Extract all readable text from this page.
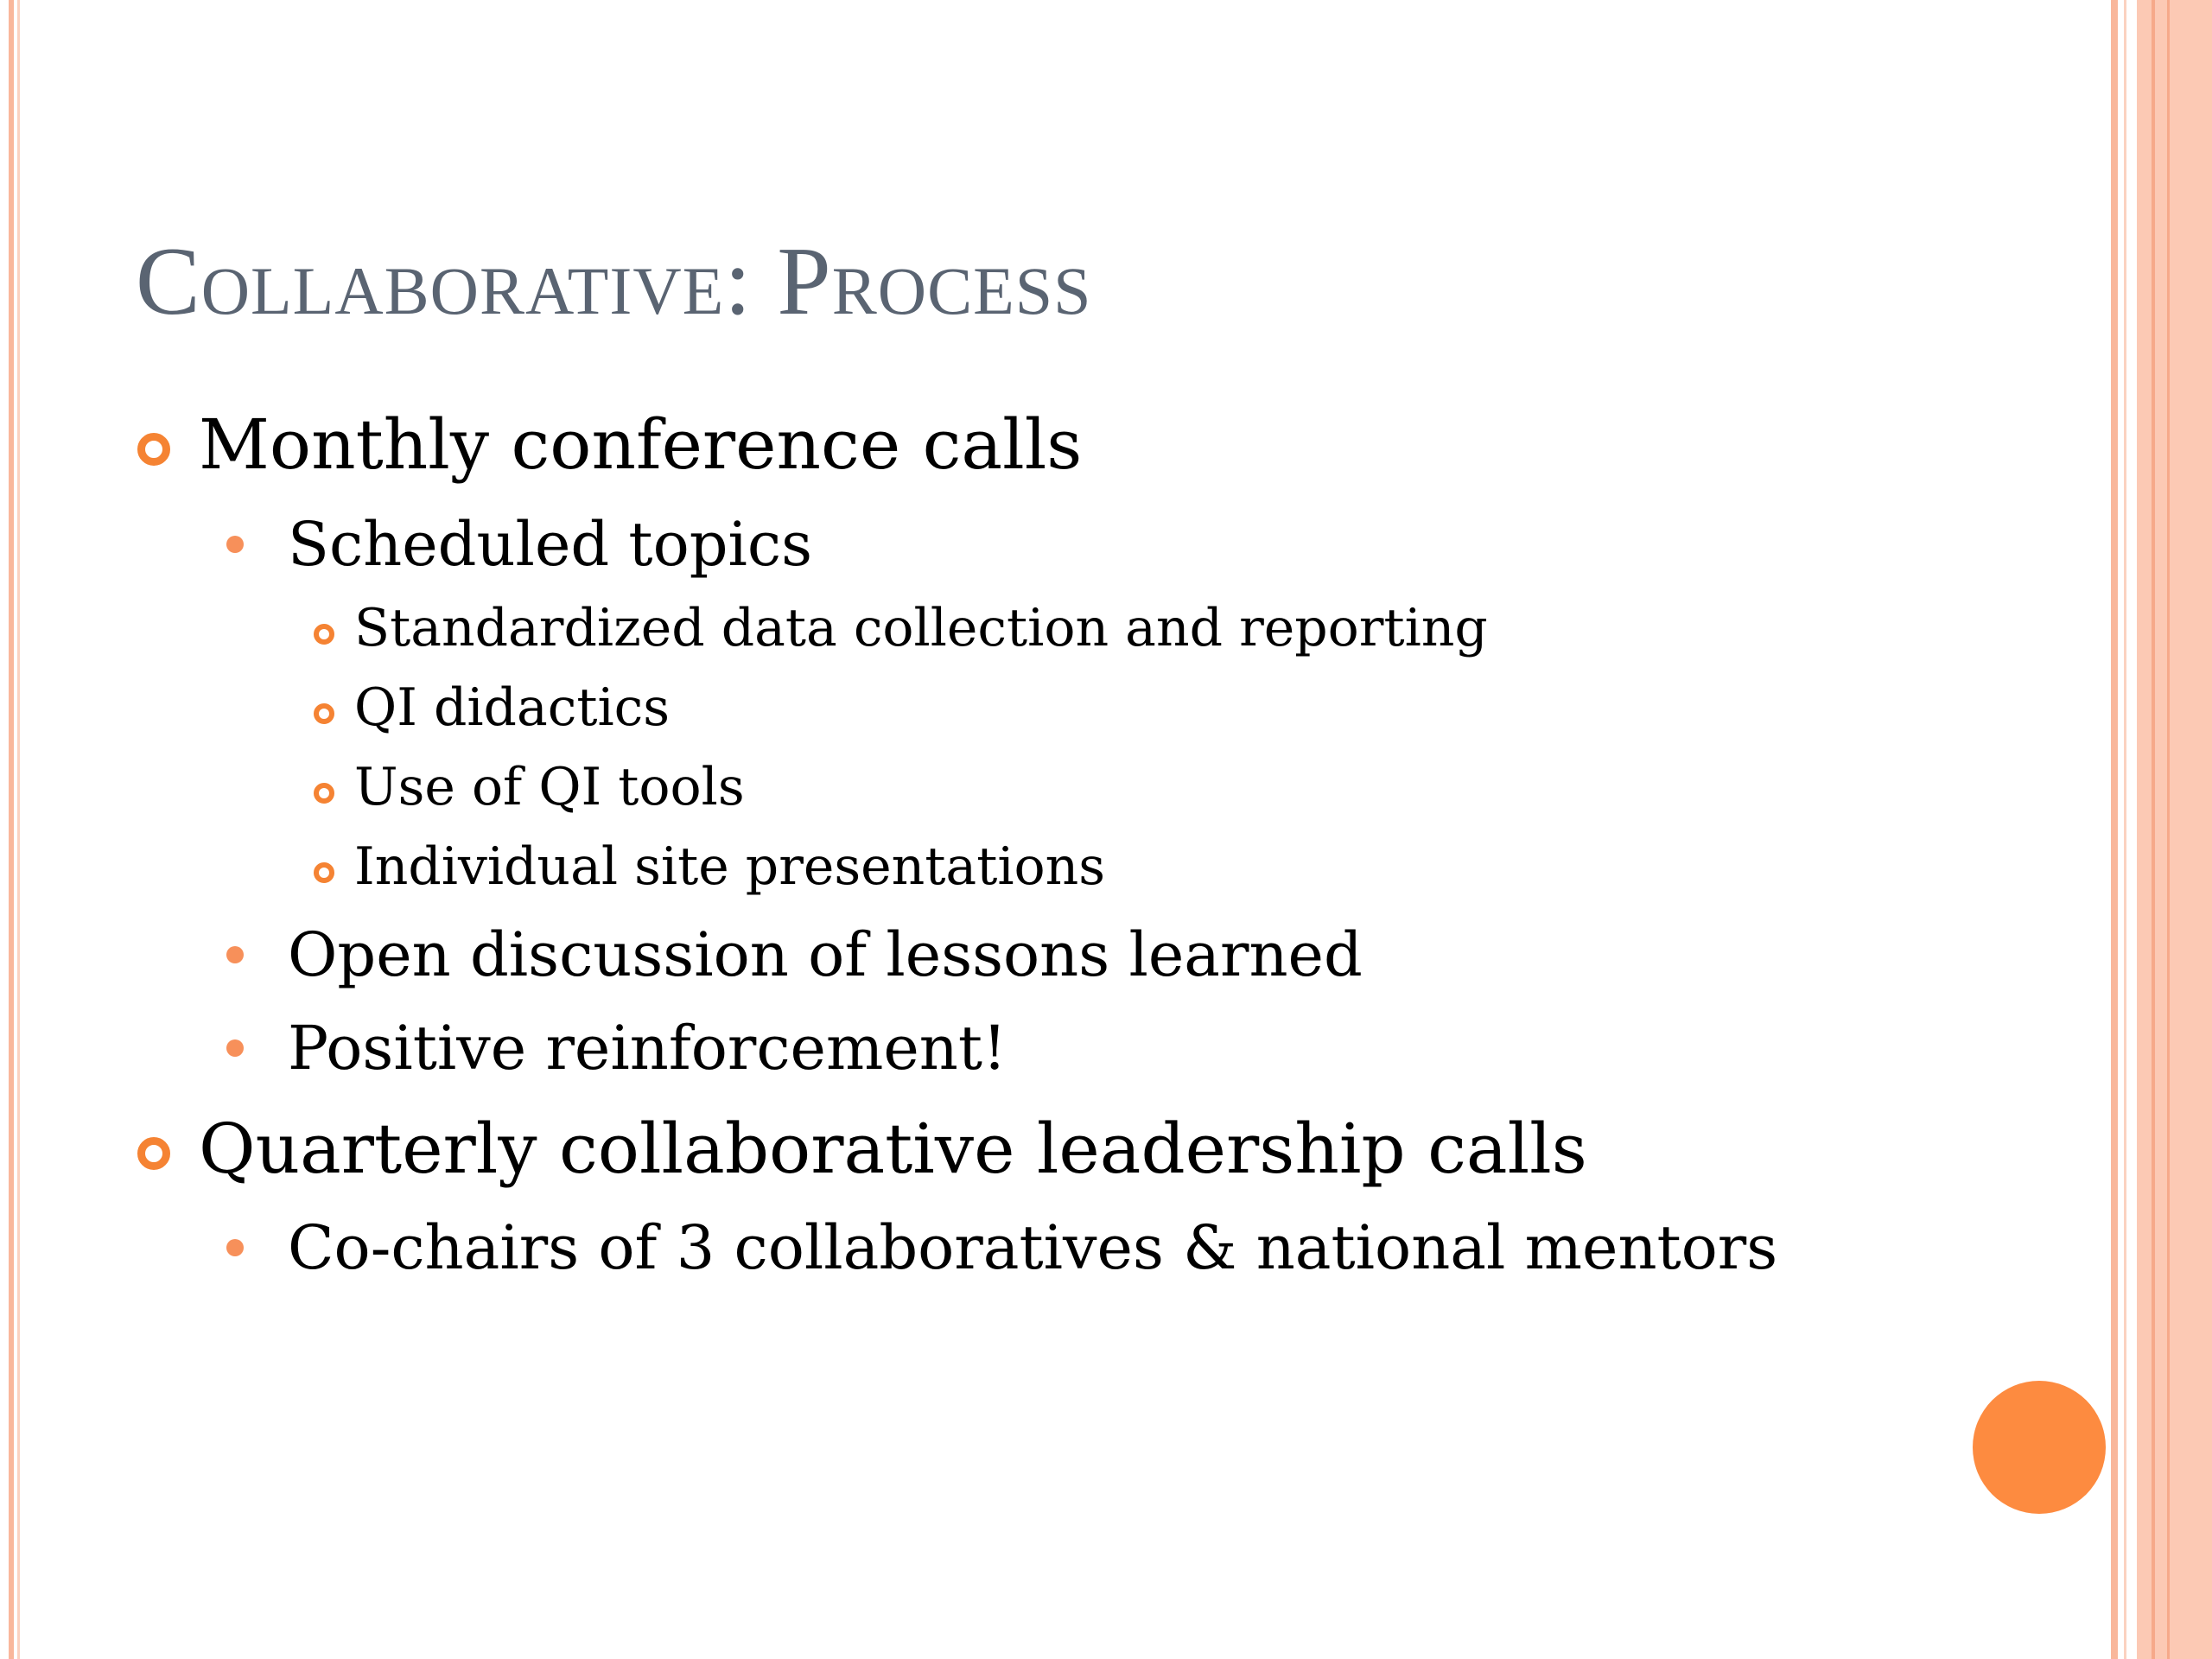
Collaborative: Process
Monthly conference calls
Scheduled topics
Standardized data collection and reporting
QI didactics
Use of QI tools
Individual site presentations
Open discussion of lessons learned
Positive reinforcement!
Quarterly collaborative leadership calls
Co-chairs of 3 collaboratives & national mentors
